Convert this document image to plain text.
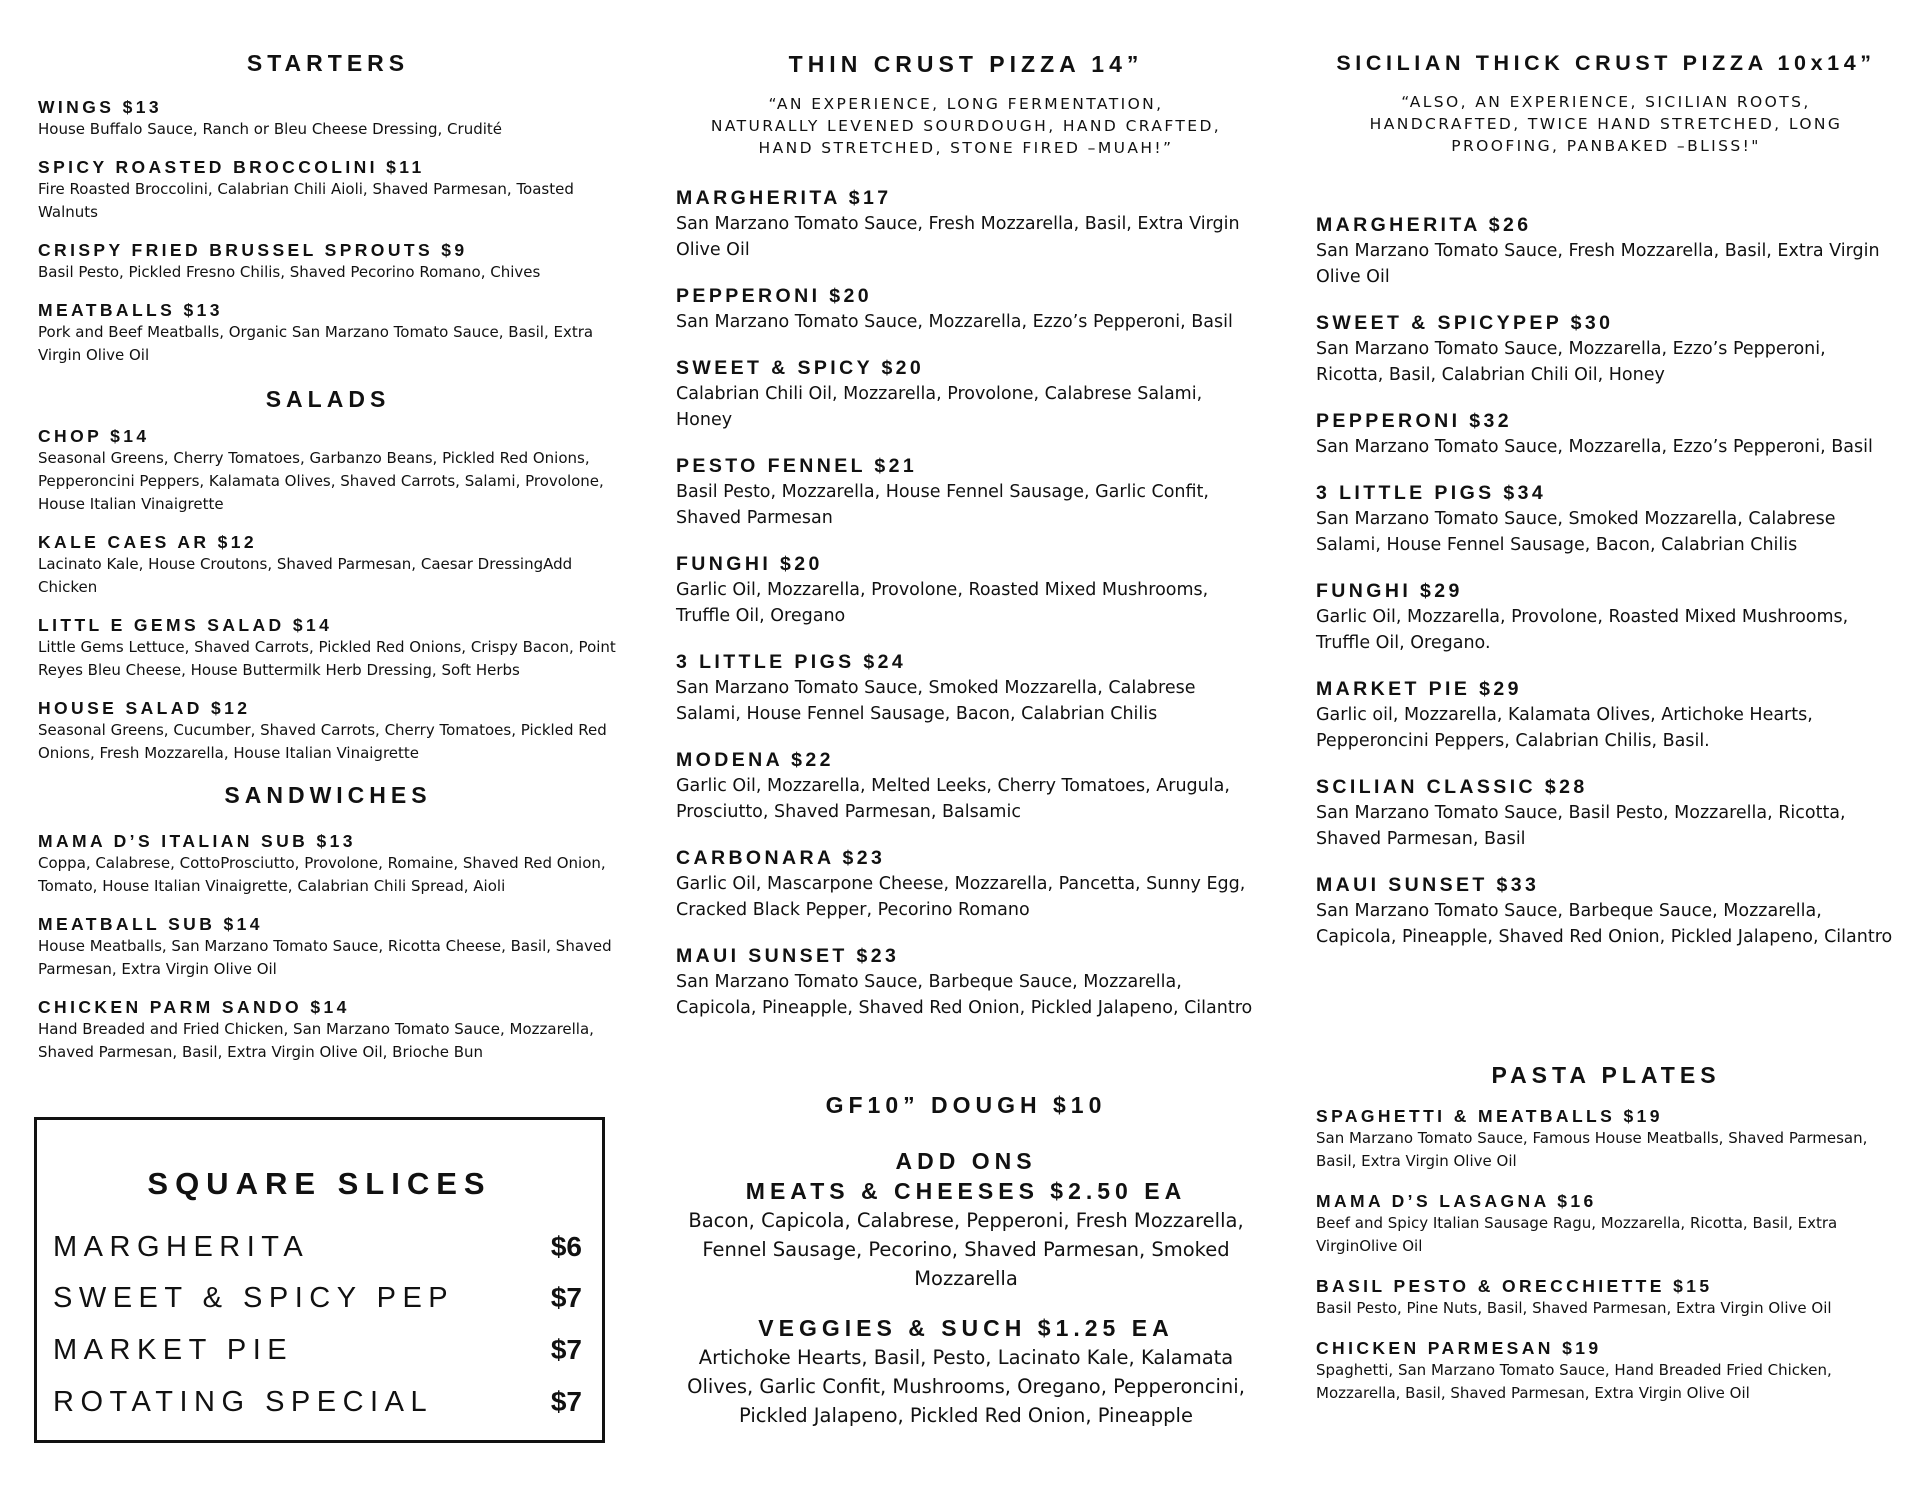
STARTERS
WINGS $13
House Buffalo Sauce, Ranch or Bleu Cheese Dressing, Crudité
SPICY ROASTED BROCCOLINI $11
Fire Roasted Broccolini, Calabrian Chili Aioli, Shaved Parmesan, Toasted Walnuts
CRISPY FRIED BRUSSEL SPROUTS $9
Basil Pesto, Pickled Fresno Chilis, Shaved Pecorino Romano, Chives
MEATBALLS $13
Pork and Beef Meatballs, Organic San Marzano Tomato Sauce, Basil, Extra Virgin Olive Oil
SALADS
CHOP $14
Seasonal Greens, Cherry Tomatoes, Garbanzo Beans, Pickled Red Onions, Pepperoncini Peppers, Kalamata Olives, Shaved Carrots, Salami, Provolone, House Italian Vinaigrette
KALE CAES AR $12
Lacinato Kale, House Croutons, Shaved Parmesan, Caesar DressingAdd Chicken
LITTL E GEMS SALAD $14
Little Gems Lettuce, Shaved Carrots, Pickled Red Onions, Crispy Bacon, Point Reyes Bleu Cheese, House Buttermilk Herb Dressing, Soft Herbs
HOUSE SALAD $12
Seasonal Greens, Cucumber, Shaved Carrots, Cherry Tomatoes, Pickled Red Onions, Fresh Mozzarella, House Italian Vinaigrette
SANDWICHES
MAMA D’S ITALIAN SUB $13
Coppa, Calabrese, CottoProsciutto, Provolone, Romaine, Shaved Red Onion, Tomato, House Italian Vinaigrette, Calabrian Chili Spread, Aioli
MEATBALL SUB $14
House Meatballs, San Marzano Tomato Sauce, Ricotta Cheese, Basil, Shaved Parmesan, Extra Virgin Olive Oil
CHICKEN PARM SANDO $14
Hand Breaded and Fried Chicken, San Marzano Tomato Sauce, Mozzarella, Shaved Parmesan, Basil, Extra Virgin Olive Oil, Brioche Bun
SQUARE SLICES
MARGHERITA	$6
SWEET & SPICY PEP	$7
MARKET PIE	$7
ROTATING SPECIAL	$7
THIN CRUST PIZZA 14”
“AN EXPERIENCE, LONG FERMENTATION,
NATURALLY LEVENED SOURDOUGH, HAND CRAFTED,
HAND STRETCHED, STONE FIRED –MUAH!”
MARGHERITA $17
San Marzano Tomato Sauce, Fresh Mozzarella, Basil, Extra Virgin Olive Oil
PEPPERONI $20
San Marzano Tomato Sauce, Mozzarella, Ezzo’s Pepperoni, Basil
SWEET & SPICY $20
Calabrian Chili Oil, Mozzarella, Provolone, Calabrese Salami, Honey
PESTO FENNEL $21
Basil Pesto, Mozzarella, House Fennel Sausage, Garlic Confit, Shaved Parmesan
FUNGHI $20
Garlic Oil, Mozzarella, Provolone, Roasted Mixed Mushrooms, Truffle Oil, Oregano
3 LITTLE PIGS $24
San Marzano Tomato Sauce, Smoked Mozzarella, Calabrese Salami, House Fennel Sausage, Bacon, Calabrian Chilis
MODENA $22
Garlic Oil, Mozzarella, Melted Leeks, Cherry Tomatoes, Arugula, Prosciutto, Shaved Parmesan, Balsamic
CARBONARA $23
Garlic Oil, Mascarpone Cheese, Mozzarella, Pancetta, Sunny Egg, Cracked Black Pepper, Pecorino Romano
MAUI SUNSET $23
San Marzano Tomato Sauce, Barbeque Sauce, Mozzarella, Capicola, Pineapple, Shaved Red Onion, Pickled Jalapeno, Cilantro
GF10” DOUGH $10
ADD ONS
MEATS & CHEESES $2.50 EA
Bacon, Capicola, Calabrese, Pepperoni, Fresh Mozzarella, Fennel Sausage, Pecorino, Shaved Parmesan, Smoked Mozzarella
VEGGIES & SUCH $1.25 EA
Artichoke Hearts, Basil, Pesto, Lacinato Kale, Kalamata Olives, Garlic Confit, Mushrooms, Oregano, Pepperoncini, Pickled Jalapeno, Pickled Red Onion, Pineapple
SICILIAN THICK CRUST PIZZA 10x14”
“ALSO, AN EXPERIENCE, SICILIAN ROOTS,
HANDCRAFTED, TWICE HAND STRETCHED, LONG
PROOFING, PANBAKED –BLISS!"
MARGHERITA $26
San Marzano Tomato Sauce, Fresh Mozzarella, Basil, Extra Virgin Olive Oil
SWEET & SPICYPEP $30
San Marzano Tomato Sauce, Mozzarella, Ezzo’s Pepperoni, Ricotta, Basil, Calabrian Chili Oil, Honey
PEPPERONI $32
San Marzano Tomato Sauce, Mozzarella, Ezzo’s Pepperoni, Basil
3 LITTLE PIGS $34
San Marzano Tomato Sauce, Smoked Mozzarella, Calabrese Salami, House Fennel Sausage, Bacon, Calabrian Chilis
FUNGHI $29
Garlic Oil, Mozzarella, Provolone, Roasted Mixed Mushrooms, Truffle Oil, Oregano.
MARKET PIE $29
Garlic oil, Mozzarella, Kalamata Olives, Artichoke Hearts, Pepperoncini Peppers, Calabrian Chilis, Basil.
SCILIAN CLASSIC $28
San Marzano Tomato Sauce, Basil Pesto, Mozzarella, Ricotta, Shaved Parmesan, Basil
MAUI SUNSET $33
San Marzano Tomato Sauce, Barbeque Sauce, Mozzarella, Capicola, Pineapple, Shaved Red Onion, Pickled Jalapeno, Cilantro
PASTA PLATES
SPAGHETTI & MEATBALLS $19
San Marzano Tomato Sauce, Famous House Meatballs, Shaved Parmesan, Basil, Extra Virgin Olive Oil
MAMA D’S LASAGNA $16
Beef and Spicy Italian Sausage Ragu, Mozzarella, Ricotta, Basil, Extra VirginOlive Oil
BASIL PESTO & ORECCHIETTE $15
Basil Pesto, Pine Nuts, Basil, Shaved Parmesan, Extra Virgin Olive Oil
CHICKEN PARMESAN $19
Spaghetti, San Marzano Tomato Sauce, Hand Breaded Fried Chicken, Mozzarella, Basil, Shaved Parmesan, Extra Virgin Olive Oil
